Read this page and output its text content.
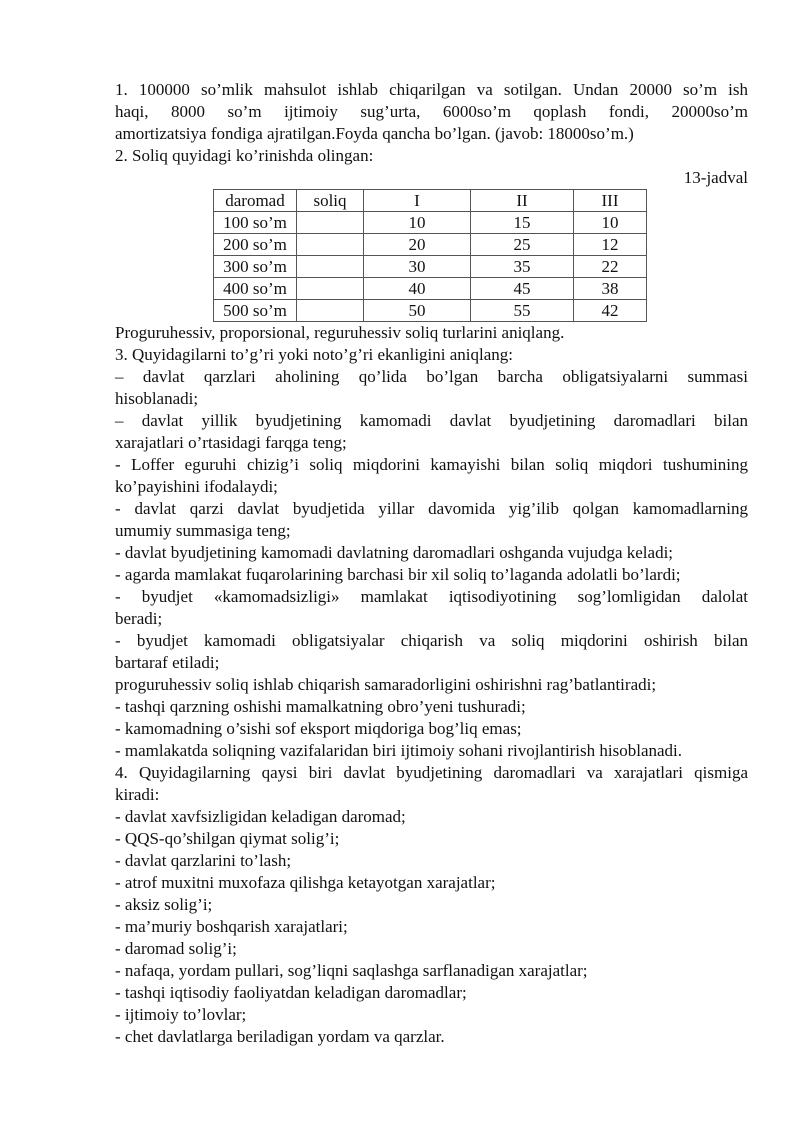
1. 100000 so’mlik mahsulot ishlab chiqarilgan va sotilgan. Undan 20000 so’m ish
haqi, 8000 so’m ijtimoiy sug’urta, 6000so’m qoplash fondi, 20000so’m
amortizatsiya fondiga ajratilgan.Foyda qancha bo’lgan. (javob: 18000so’m.)
2. Soliq quyidagi ko’rinishda olingan:
13-jadval
daromad	soliq	I	II	III
100 so’m		10	15	10
200 so’m		20	25	12
300 so’m		30	35	22
400 so’m		40	45	38
500 so’m		50	55	42
Proguruhessiv, proporsional, reguruhessiv soliq turlarini aniqlang.
3. Quyidagilarni to’g’ri yoki noto’g’ri ekanligini aniqlang:
– davlat qarzlari aholining qo’lida bo’lgan barcha obligatsiyalarni summasi
hisoblanadi;
– davlat yillik byudjetining kamomadi davlat byudjetining daromadlari bilan
xarajatlari o’rtasidagi farqga teng;
- Loffer eguruhi chizig’i soliq miqdorini kamayishi bilan soliq miqdori tushumining
ko’payishini ifodalaydi;
- davlat qarzi davlat byudjetida yillar davomida yig’ilib qolgan kamomadlarning
umumiy summasiga teng;
- davlat byudjetining kamomadi davlatning daromadlari oshganda vujudga keladi;
- agarda mamlakat fuqarolarining barchasi bir xil soliq to’laganda adolatli bo’lardi;
- byudjet «kamomadsizligi» mamlakat iqtisodiyotining sog’lomligidan dalolat
beradi;
- byudjet kamomadi obligatsiyalar chiqarish va soliq miqdorini oshirish bilan
bartaraf etiladi;
proguruhessiv soliq ishlab chiqarish samaradorligini oshirishni rag’batlantiradi;
- tashqi qarzning oshishi mamalkatning obro’yeni tushuradi;
- kamomadning o’sishi sof eksport miqdoriga bog’liq emas;
- mamlakatda soliqning vazifalaridan biri ijtimoiy sohani rivojlantirish hisoblanadi.
4. Quyidagilarning qaysi biri davlat byudjetining daromadlari va xarajatlari qismiga
kiradi:
- davlat xavfsizligidan keladigan daromad;
- QQS-qo’shilgan qiymat solig’i;
- davlat qarzlarini to’lash;
- atrof muxitni muxofaza qilishga ketayotgan xarajatlar;
- aksiz solig’i;
- ma’muriy boshqarish xarajatlari;
- daromad solig’i;
- nafaqa, yordam pullari, sog’liqni saqlashga sarflanadigan xarajatlar;
- tashqi iqtisodiy faoliyatdan keladigan daromadlar;
- ijtimoiy to’lovlar;
- chet davlatlarga beriladigan yordam va qarzlar.
